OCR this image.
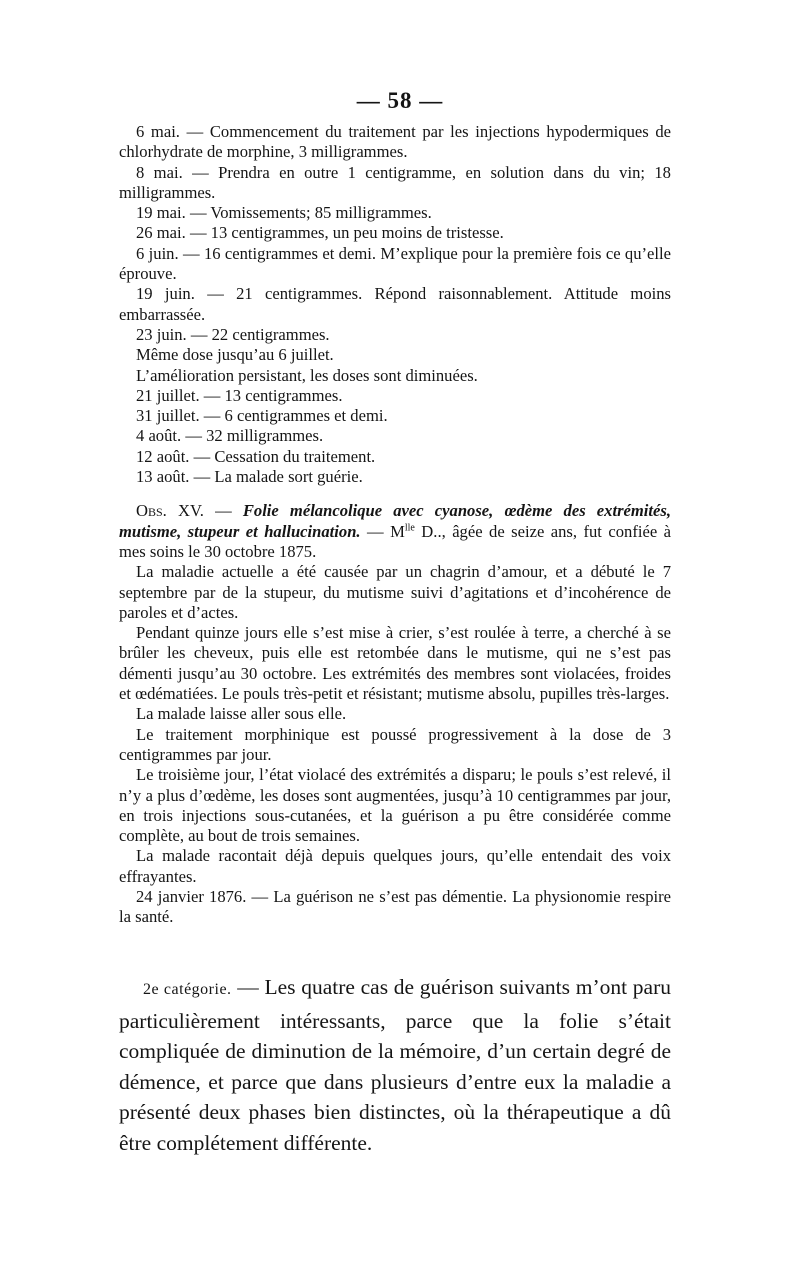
— 58 —

6 mai. — Commencement du traitement par les injections hypodermiques de chlorhydrate de morphine, 3 milligrammes.

8 mai. — Prendra en outre 1 centigramme, en solution dans du vin; 18 milligrammes.

19 mai. — Vomissements; 85 milligrammes.

26 mai. — 13 centigrammes, un peu moins de tristesse.

6 juin. — 16 centigrammes et demi. M’explique pour la première fois ce qu’elle éprouve.

19 juin. — 21 centigrammes. Répond raisonnablement. Attitude moins embarrassée.

23 juin. — 22 centigrammes.

Même dose jusqu’au 6 juillet.

L’amélioration persistant, les doses sont diminuées.

21 juillet. — 13 centigrammes.

31 juillet. — 6 centigrammes et demi.

4 août. — 32 milligrammes.

12 août. — Cessation du traitement.

13 août. — La malade sort guérie.

Obs. XV. — Folie mélancolique avec cyanose, œdème des extrémités, mutisme, stupeur et hallucination. — $M^{lle}$ D.., âgée de seize ans, fut confiée à mes soins le 30 octobre 1875.

La maladie actuelle a été causée par un chagrin d’amour, et a débuté le 7 septembre par de la stupeur, du mutisme suivi d’agitations et d’incohérence de paroles et d’actes.

Pendant quinze jours elle s’est mise à crier, s’est roulée à terre, a cherché à se brûler les cheveux, puis elle est retombée dans le mutisme, qui ne s’est pas démenti jusqu’au 30 octobre. Les extrémités des membres sont violacées, froides et œdématiées. Le pouls très-petit et résistant; mutisme absolu, pupilles très-larges.

La malade laisse aller sous elle.

Le traitement morphinique est poussé progressivement à la dose de 3 centigrammes par jour.

Le troisième jour, l’état violacé des extrémités a disparu; le pouls s’est relevé, il n’y a plus d’œdème, les doses sont augmentées, jusqu’à 10 centigrammes par jour, en trois injections sous-cutanées, et la guérison a pu être considérée comme complète, au bout de trois semaines.

La malade racontait déjà depuis quelques jours, qu’elle entendait des voix effrayantes.

24 janvier 1876. — La guérison ne s’est pas démentie. La physionomie respire la santé.

2e catégorie. — Les quatre cas de guérison suivants m’ont paru particulièrement intéressants, parce que la folie s’était compliquée de diminution de la mémoire, d’un certain degré de démence, et parce que dans plusieurs d’entre eux la maladie a présenté deux phases bien distinctes, où la thérapeutique a dû être complétement différente.
